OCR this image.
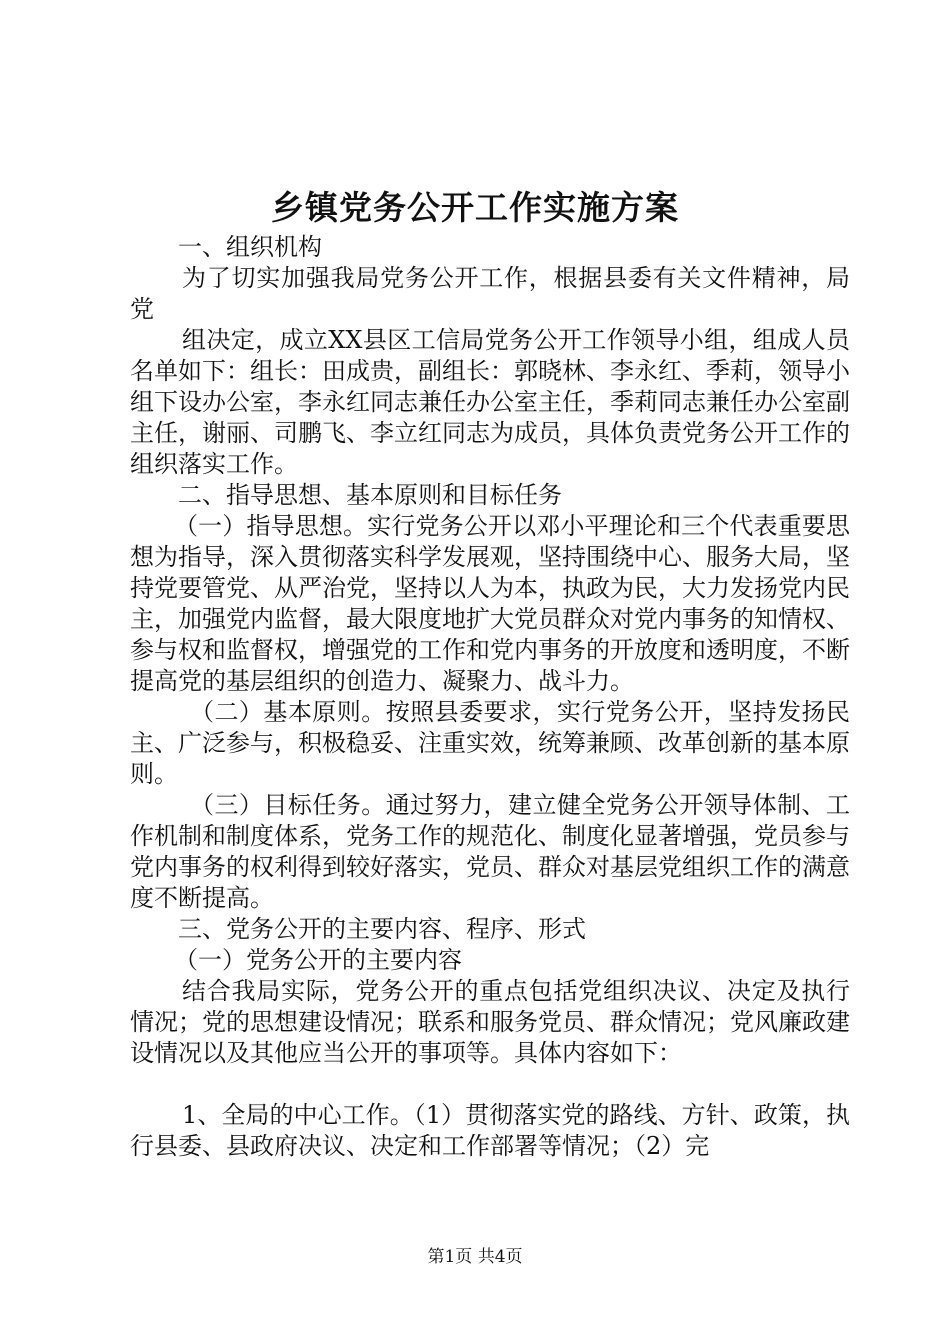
乡镇党务公开工作实施方案

一、组织机构

为了切实加强我局党务公开工作，根据县委有关文件精神，局党

组决定，成立XX县区工信局党务公开工作领导小组，组成人员名单如下：组长：田成贵，副组长：郭晓林、李永红、季莉，领导小组下设办公室，李永红同志兼任办公室主任，季莉同志兼任办公室副主任，谢丽、司鹏飞、李立红同志为成员，具体负责党务公开工作的组织落实工作。

二、指导思想、基本原则和目标任务

（一）指导思想。实行党务公开以邓小平理论和三个代表重要思想为指导，深入贯彻落实科学发展观，坚持围绕中心、服务大局，坚持党要管党、从严治党，坚持以人为本，执政为民，大力发扬党内民主，加强党内监督，最大限度地扩大党员群众对党内事务的知情权、参与权和监督权，增强党的工作和党内事务的开放度和透明度，不断提高党的基层组织的创造力、凝聚力、战斗力。

（二）基本原则。按照县委要求，实行党务公开，坚持发扬民主、广泛参与，积极稳妥、注重实效，统筹兼顾、改革创新的基本原则。

（三）目标任务。通过努力，建立健全党务公开领导体制、工作机制和制度体系，党务工作的规范化、制度化显著增强，党员参与党内事务的权利得到较好落实，党员、群众对基层党组织工作的满意度不断提高。

三、党务公开的主要内容、程序、形式

（一）党务公开的主要内容

结合我局实际，党务公开的重点包括党组织决议、决定及执行情况；党的思想建设情况；联系和服务党员、群众情况；党风廉政建设情况以及其他应当公开的事项等。具体内容如下：

1、全局的中心工作。（1）贯彻落实党的路线、方针、政策，执行县委、县政府决议、决定和工作部署等情况；（2）完

第1页 共4页
